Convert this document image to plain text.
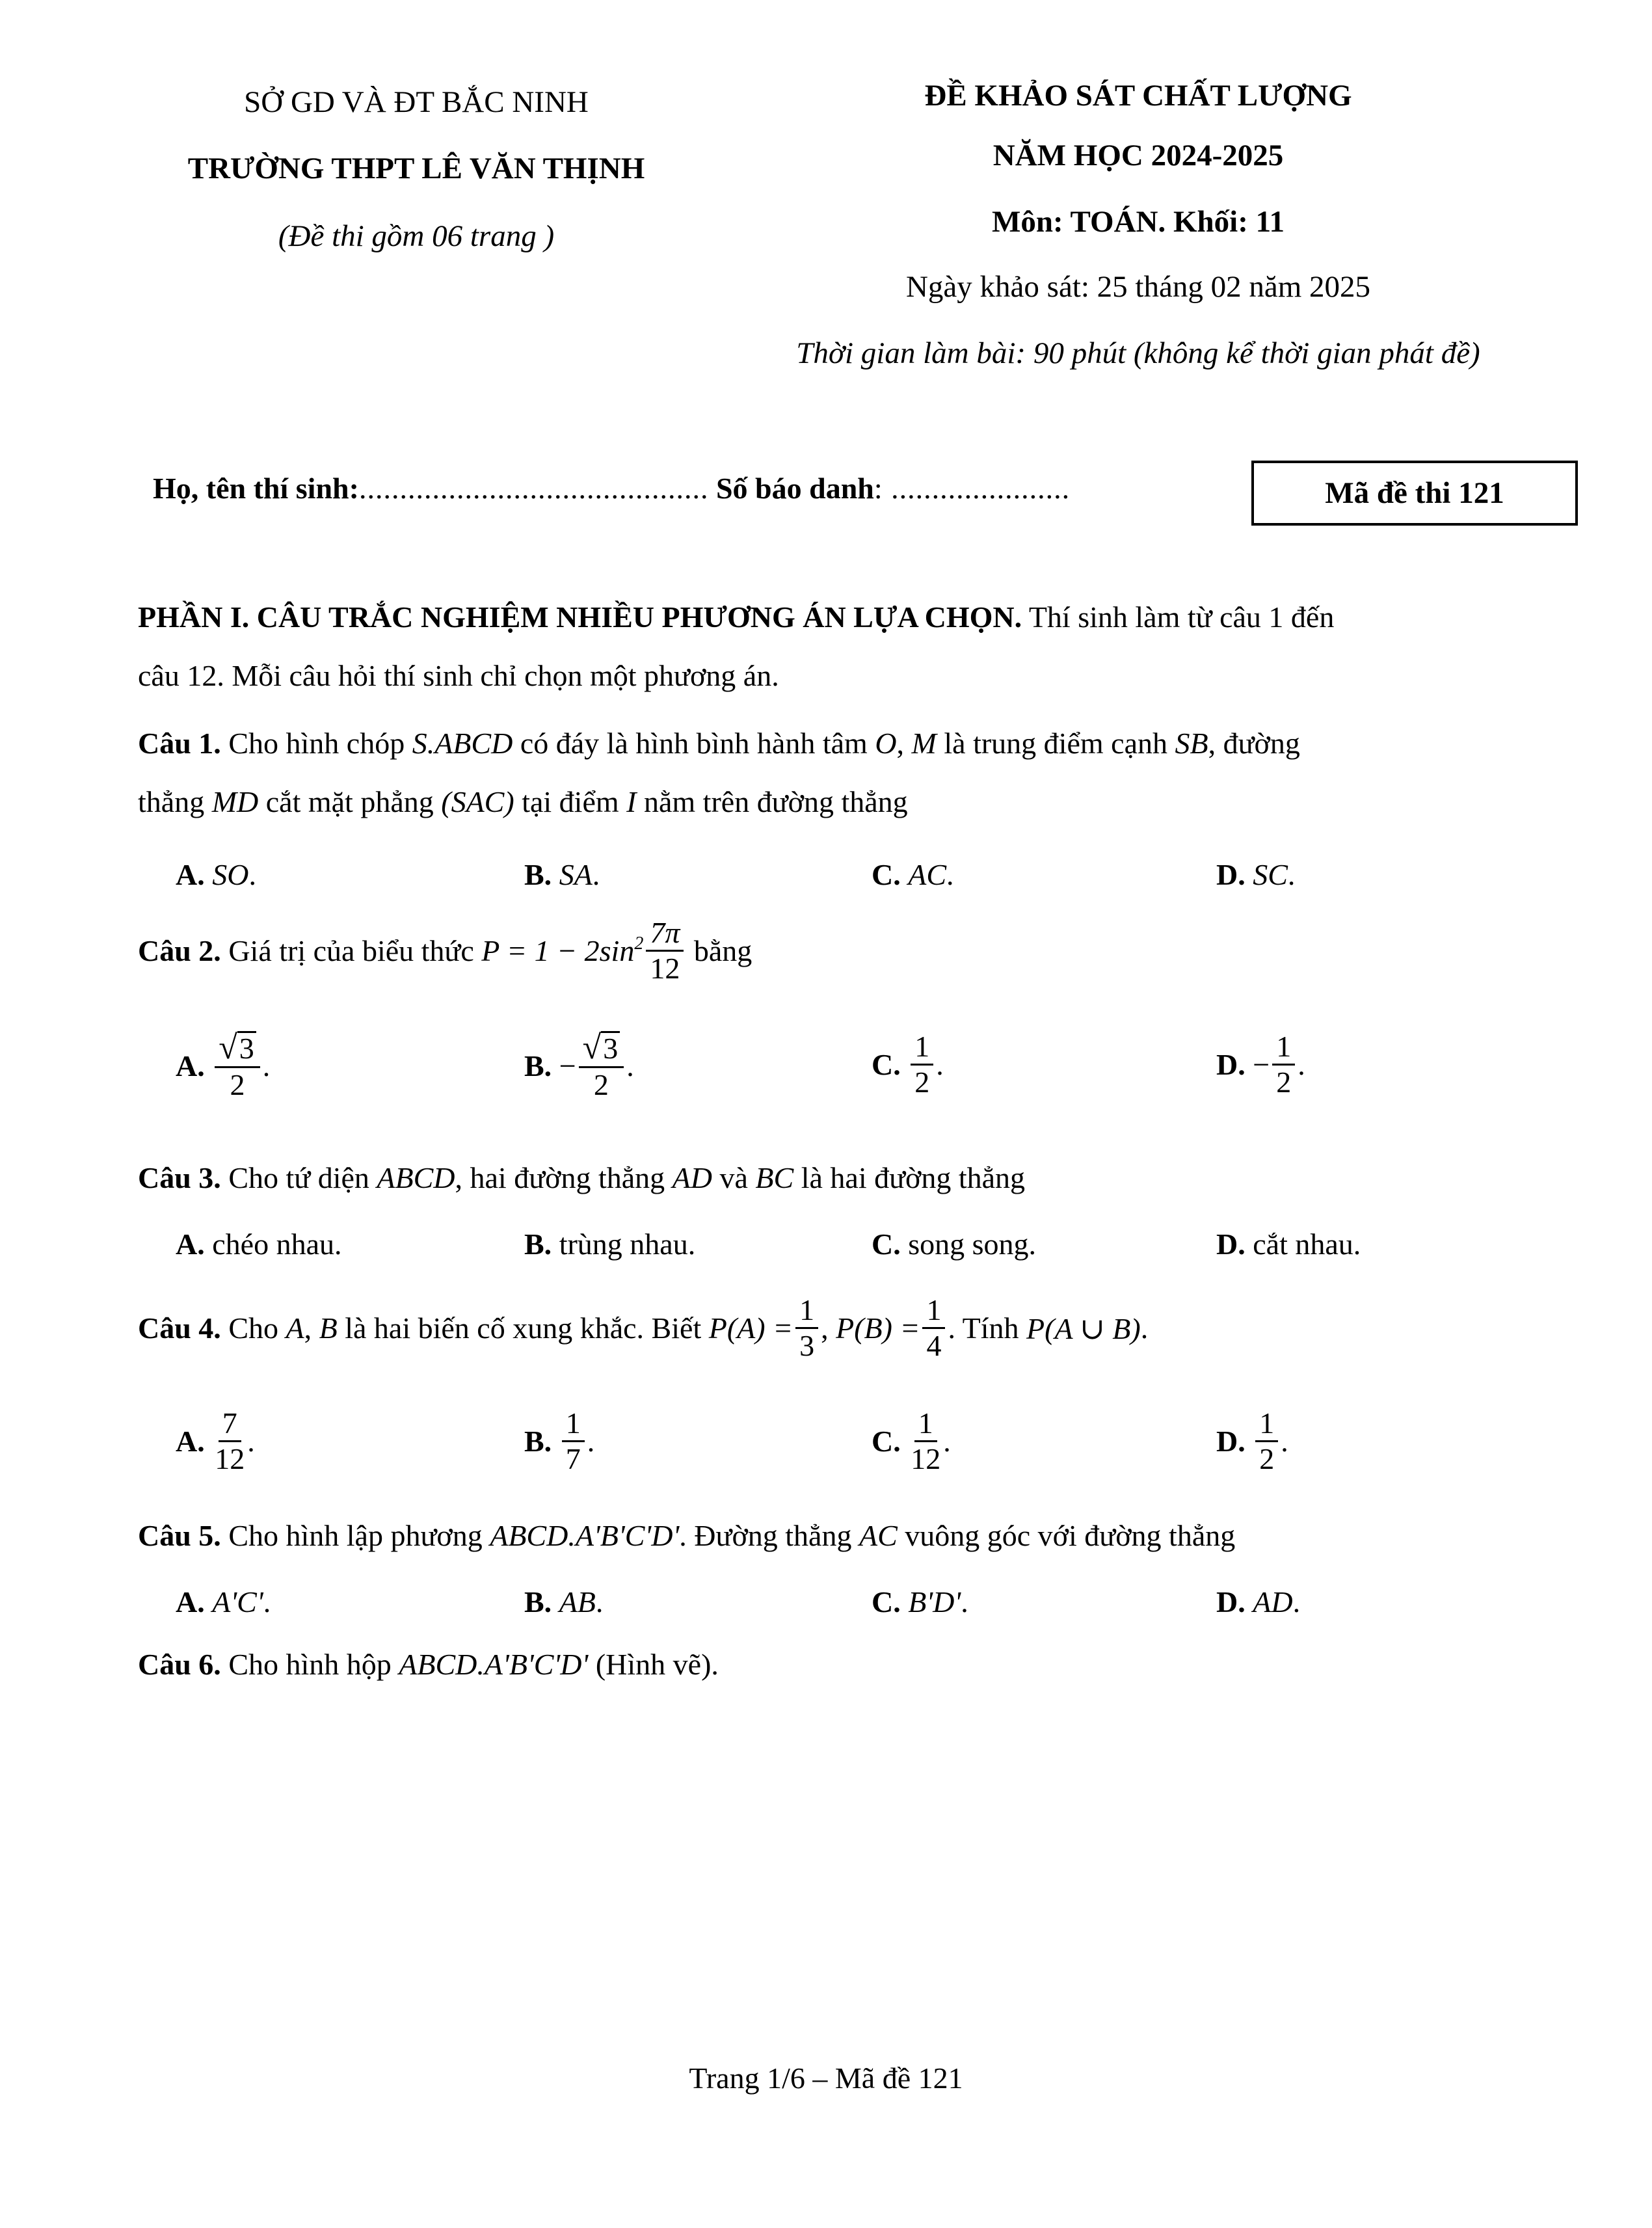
SỞ GD VÀ ĐT BẮC NINH
TRƯỜNG THPT LÊ VĂN THỊNH
(Đề thi gồm 06 trang )
ĐỀ KHẢO SÁT CHẤT LƯỢNG
NĂM HỌC 2024-2025
Môn: TOÁN. Khối: 11
Ngày khảo sát: 25 tháng 02 năm 2025
Thời gian làm bài: 90 phút (không kể thời gian phát đề)
Họ, tên thí sinh:........................................... Số báo danh: ......................	Mã đề thi 121
PHẦN I. CÂU TRẮC NGHIỆM NHIỀU PHƯƠNG ÁN LỰA CHỌN. Thí sinh làm từ câu 1 đến
câu 12. Mỗi câu hỏi thí sinh chỉ chọn một phương án.
Câu 1. Cho hình chóp S.ABCD có đáy là hình bình hành tâm O, M là trung điểm cạnh SB, đường
thẳng MD cắt mặt phẳng (SAC) tại điểm I nằm trên đường thẳng
A. SO.	B. SA.	C. AC.	D. SC.
Câu 2. Giá trị của biểu thức $P = 1 - 2\sin^2 \frac{7\pi}{12}$ bằng
A.
$\frac{√ 3}{2}$ .	B.
− $\frac{√ 3}{2}$ .	C.
$\frac{1}{2}$ .	D.
− $\frac{1}{2}$ .
Câu 3. Cho tứ diện ABCD, hai đường thẳng AD và BC là hai đường thẳng
A. chéo nhau.	B. trùng nhau.	C. song song.	D. cắt nhau.
Câu 4. Cho A , B là hai biến cố xung khắc. Biết $P(A) = \frac{1}{3}$ , $P(B) = \frac{1}{4}$ . Tính P(A ∪ B) .
A.
$\frac{7}{12}$ .	B.
$\frac{1}{7}$ .	C.
$\frac{1}{12}$ .	D.
$\frac{1}{2}$ .
Câu 5. Cho hình lập phương ABCD.A'B'C'D'. Đường thẳng AC vuông góc với đường thẳng
A. A'C'.	B. AB.	C. B'D'.	D. AD.
Câu 6. Cho hình hộp ABCD.A'B'C'D' (Hình vẽ).
Trang 1/6 – Mã đề 121
